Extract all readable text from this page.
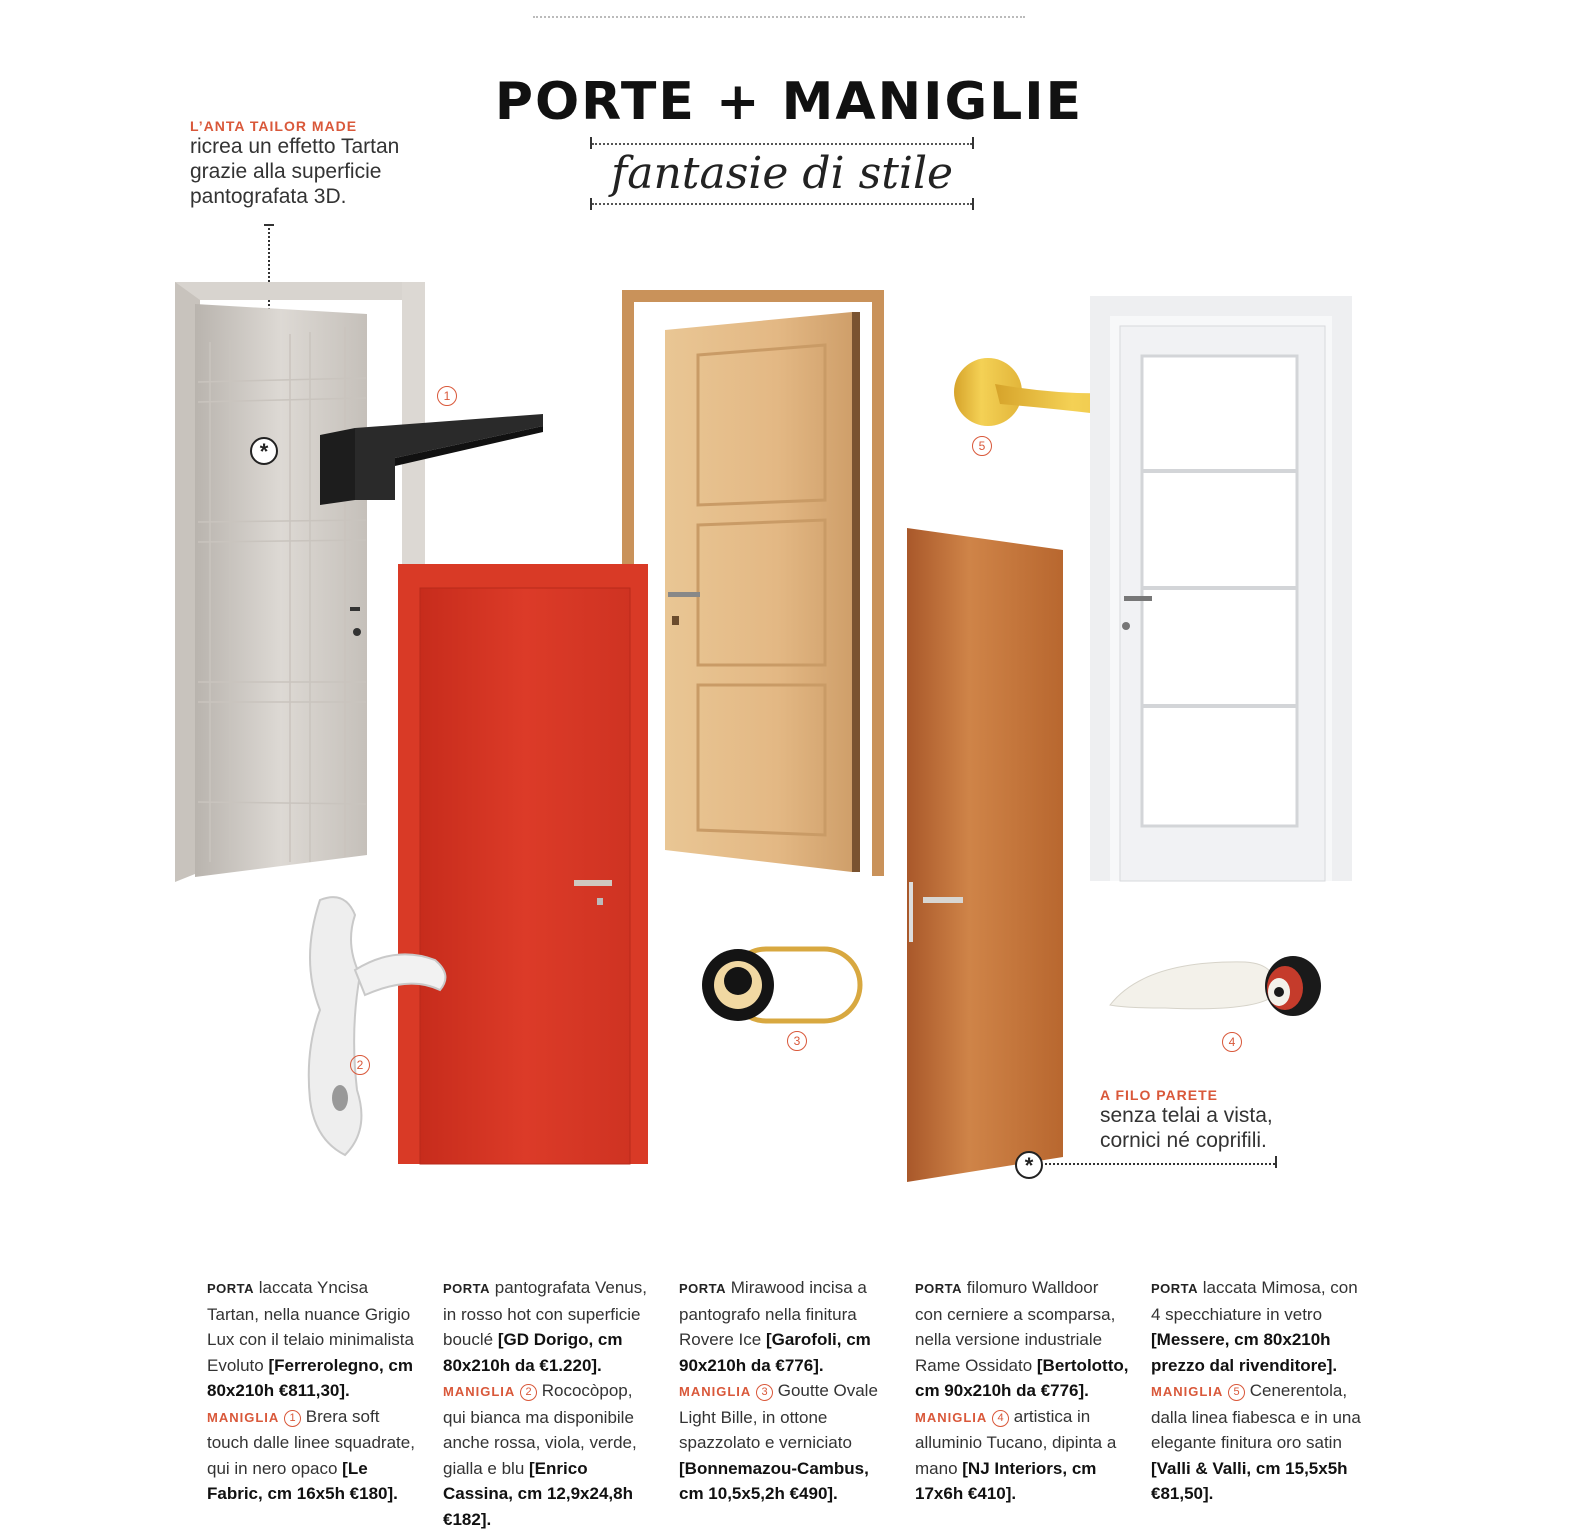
PORTE + MANIGLIE
fantasie di stile
L’ANTA TAILOR MADE
ricrea un effetto Tartan
grazie alla superficie
pantografata 3D.
*
1
5
2
3	4
A FILO PARETE
senza telai a vista,
cornici né coprifili.
*
PORTA laccata Yncisa Tartan, nella nuance Grigio Lux con il telaio minimalista Evoluto [Ferrerolegno, cm 80x210h €811,30].
MANIGLIA 1 Brera soft touch dalle linee squadrate, qui in nero opaco [Le Fabric, cm 16x5h €180].
PORTA pantografata Venus, in rosso hot con superficie bouclé [GD Dorigo, cm 80x210h da €1.220].
MANIGLIA 2 Rococòpop, qui bianca ma disponibile anche rossa, viola, verde, gialla e blu [Enrico Cassina, cm 12,9x24,8h €182].
PORTA Mirawood incisa a pantografo nella finitura Rovere Ice [Garofoli, cm 90x210h da €776].
MANIGLIA 3 Goutte Ovale Light Bille, in ottone spazzolato e verniciato [Bonnemazou-Cambus, cm 10,5x5,2h €490].
PORTA filomuro Walldoor con cerniere a scomparsa, nella versione industriale Rame Ossidato [Bertolotto, cm 90x210h da €776].
MANIGLIA 4 artistica in alluminio Tucano, dipinta a mano [NJ Interiors, cm 17x6h €410].
PORTA laccata Mimosa, con 4 specchiature in vetro [Messere, cm 80x210h prezzo dal rivenditore].
MANIGLIA 5 Cenerentola, dalla linea fiabesca e in una elegante finitura oro satin [Valli & Valli, cm 15,5x5h €81,50].
